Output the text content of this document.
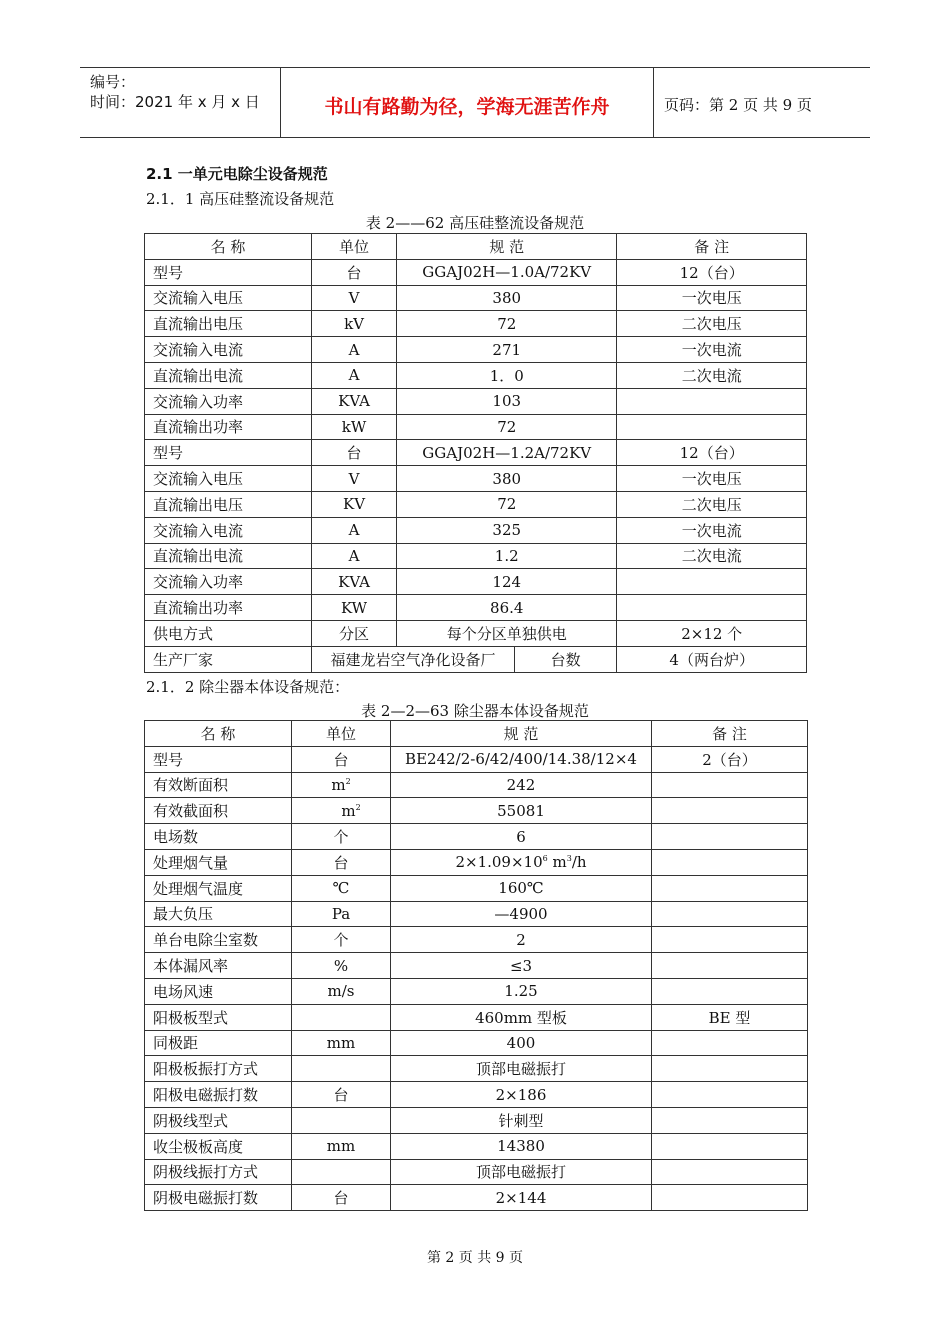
编号：
时间：2021 年 x 月 x 日	书山有路勤为径，学海无涯苦作舟	页码：第 2 页 共 9 页
2.1 一单元电除尘设备规范
2.1．1 高压硅整流设备规范
表 2——62 高压硅整流设备规范
名 称	单位	规 范		备 注
型号	台	GGAJ02H—1.0A/72KV		12（台）
交流输入电压	V	380		一次电压
直流输出电压	kV	72		二次电压
交流输入电流	A	271		一次电流
直流输出电流	A	1．0		二次电流
交流输入功率	KVA	103		
直流输出功率	kW	72		
型号	台	GGAJ02H—1.2A/72KV		12（台）
交流输入电压	V	380		一次电压
直流输出电压	KV	72		二次电压
交流输入电流	A	325		一次电流
直流输出电流	A	1.2		二次电流
交流输入功率	KVA	124		
直流输出功率	KW	86.4		
供电方式	分区	每个分区单独供电		2×12 个
生产厂家	福建龙岩空气净化设备厂		台数	4（两台炉）
2.1．2 除尘器本体设备规范：
表 2—2—63 除尘器本体设备规范
名 称	单位	规 范	备 注
型号	台	BE242/2-6/42/400/14.38/12×4	2（台）
有效断面积	$m^2$	242	
有效截面积	$m^2$	55081	
电场数	个	6	
处理烟气量	台	$2\times 1.09\times 10^6$ $m^3/h$	
处理烟气温度	℃	160℃	
最大负压	Pa	—4900	
单台电除尘室数	个	2	
本体漏风率	%	≤3	
电场风速	m/s	1.25	
阳极板型式		460mm 型板	BE 型
同极距	mm	400	
阳极板振打方式		顶部电磁振打	
阳极电磁振打数	台	2×186	
阴极线型式		针刺型	
收尘极板高度	mm	14380	
阴极线振打方式		顶部电磁振打	
阴极电磁振打数	台	2×144	
第 2 页 共 9 页
